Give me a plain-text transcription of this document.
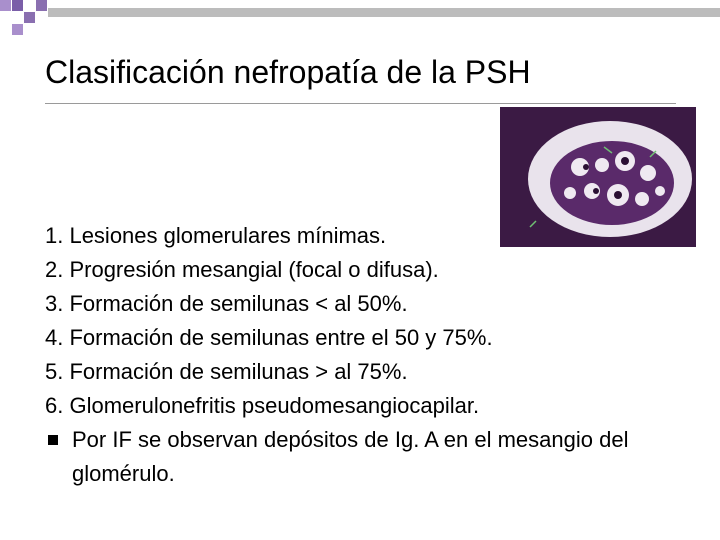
Clasificación nefropatía de la PSH
1. Lesiones glomerulares mínimas.
2. Progresión mesangial (focal o difusa).
3. Formación de semilunas < al 50%.
4. Formación de semilunas entre el 50 y 75%.
5. Formación de semilunas > al 75%.
6. Glomerulonefritis pseudomesangiocapilar.
Por IF se observan depósitos de Ig. A en el mesangio del glomérulo.
